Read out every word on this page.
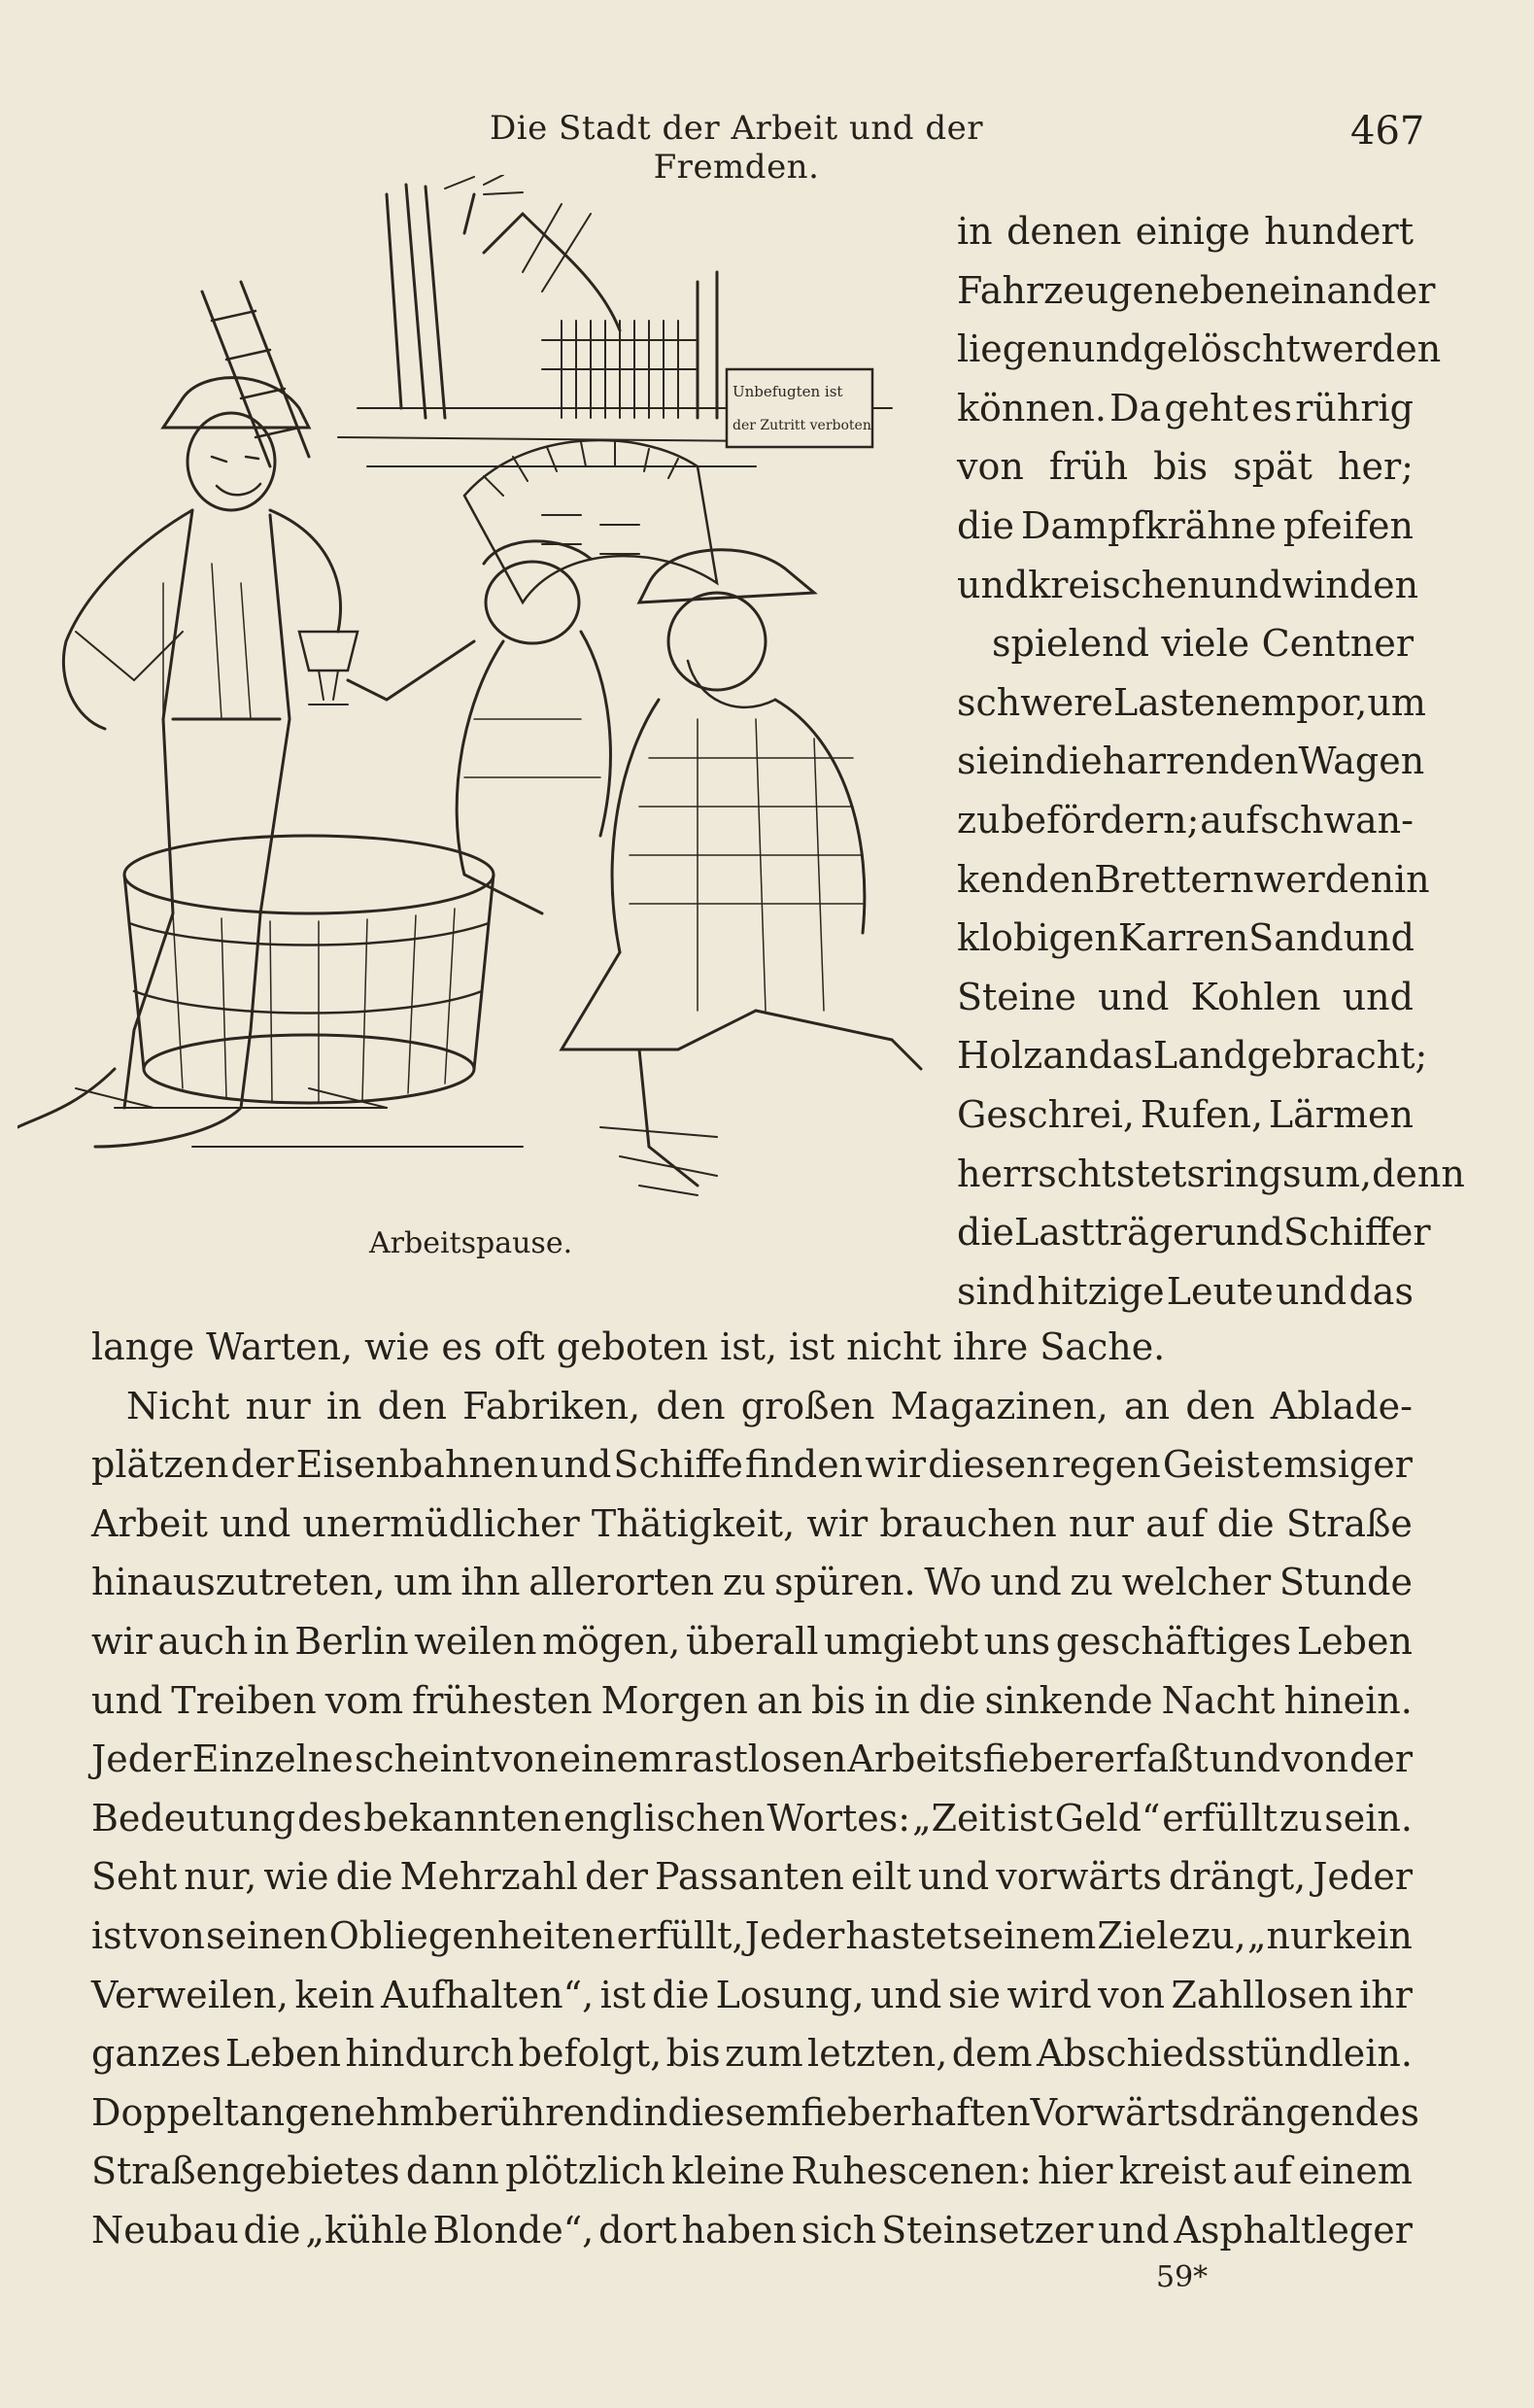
Die Stadt der Arbeit und der Fremden.
467
Unbefugten ist
der Zutritt verboten
Arbeitspause.
in denen einige hundert
Fahrzeuge nebeneinander
liegen und gelöscht werden
können. Da geht es rührig
von früh bis spät her;
die Dampfkrähne pfeifen
und kreischen und winden
spielend viele Centner
schwere Lasten empor, um
sie in die harrenden Wagen
zu befördern; auf schwan-
kenden Brettern werden in
klobigen Karren Sand und
Steine und Kohlen und
Holz an das Land gebracht;
Geschrei, Rufen, Lärmen
herrscht stets ringsum, denn
die Lastträger und Schiffer
sind hitzige Leute und das
lange Warten, wie es oft geboten ist, ist nicht ihre Sache.
Nicht nur in den Fabriken, den großen Magazinen, an den Ablade-
plätzen der Eisenbahnen und Schiffe finden wir diesen regen Geist emsiger
Arbeit und unermüdlicher Thätigkeit, wir brauchen nur auf die Straße
hinauszutreten, um ihn allerorten zu spüren. Wo und zu welcher Stunde
wir auch in Berlin weilen mögen, überall umgiebt uns geschäftiges Leben
und Treiben vom frühesten Morgen an bis in die sinkende Nacht hinein.
Jeder Einzelne scheint von einem rastlosen Arbeitsfieber erfaßt und von der
Bedeutung des bekannten englischen Wortes: „Zeit ist Geld“ erfüllt zu sein.
Seht nur, wie die Mehrzahl der Passanten eilt und vorwärts drängt, Jeder
ist von seinen Obliegenheiten erfüllt, Jeder hastet seinem Ziele zu, „nur kein
Verweilen, kein Aufhalten“, ist die Losung, und sie wird von Zahllosen ihr
ganzes Leben hindurch befolgt, bis zum letzten, dem Abschiedsstündlein.
Doppelt angenehm berührend in diesem fieberhaften Vorwärtsdrängen des
Straßengebietes dann plötzlich kleine Ruhescenen: hier kreist auf einem
Neubau die „kühle Blonde“, dort haben sich Steinsetzer und Asphaltleger
59*
